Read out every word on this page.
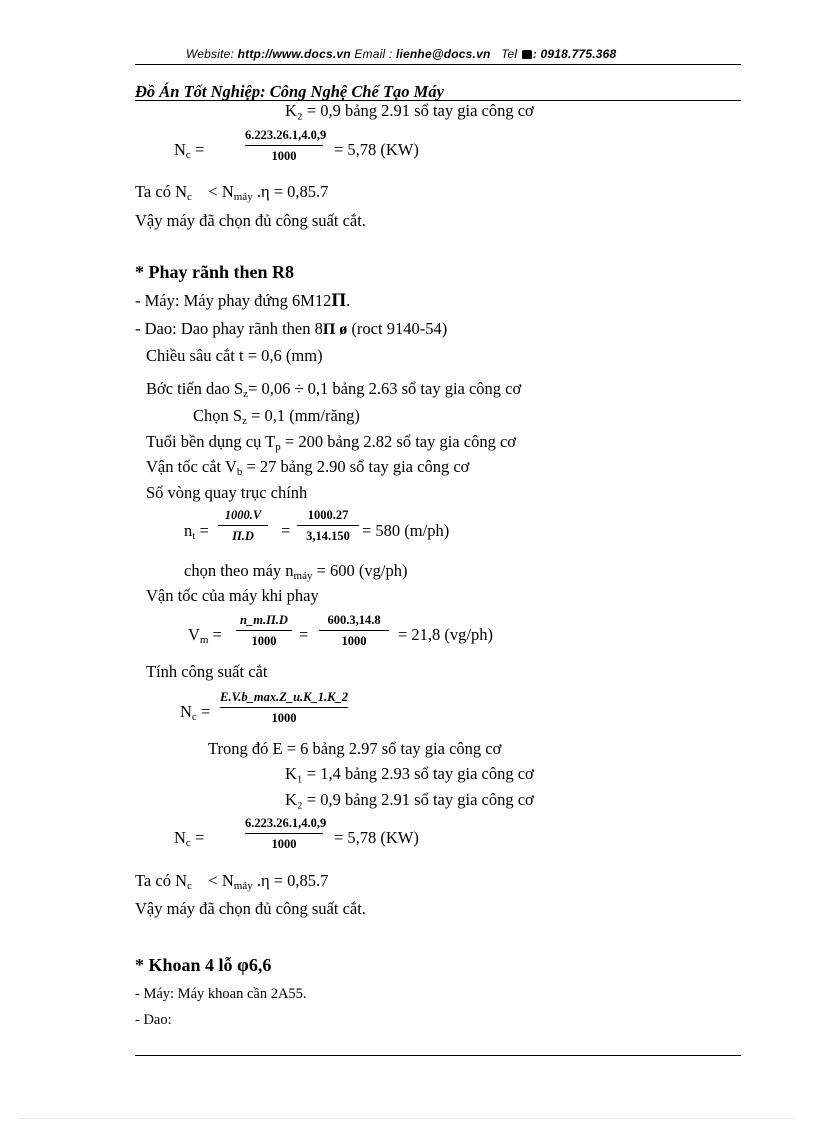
Website: http://www.docs.vn Email : lienhe@docs.vn Tel : 0918.775.368
Đồ Án Tốt Nghiệp: Công Nghệ Chế Tạo Máy
K₂ = 0,9 bảng 2.91 sổ tay gia công cơ
$N_c$ =
6.223.26.1,4.0,9
1000	= 5,78 (KW)
Ta có $N_c < N_{máy}$ .η = 0,85.7
Vậy máy đã chọn đủ công suất cắt.
* Phay rãnh then R8
- Máy: Máy phay đứng 6M12Π.
- Dao: Dao phay rãnh then 8Π ø (roct 9140-54)
Chiều sâu cắt t = 0,6 (mm)
Bớc tiến dao $S_z= 0,06 \div 0,1$ bảng 2.63 sổ tay gia công cơ
Chọn $S_z = 0,1$ (mm/răng)
Tuổi bền dụng cụ $T_p = 200$ bảng 2.82 sổ tay gia công cơ
Vận tốc cắt $V_b = 27$ bảng 2.90 sổ tay gia công cơ
Số vòng quay trục chính
$n_t$ =
1000.V
Π.D	=
1000.27
3,14.150 = 580 (m/ph)
chọn theo máy $n_{máy} = 600$ (vg/ph)
Vận tốc của máy khi phay
$V_m$ =
n_m.Π.D
1000	=
600.3,14.8
1000	= 21,8 (vg/ph)
Tính công suất cắt
$N_c$ =
E.V.b_max.Z_u.K_1.K_2
1000
Trong đó E = 6 bảng 2.97 sổ tay gia công cơ
K₁ = 1,4 bảng 2.93 sổ tay gia công cơ
K₂ = 0,9 bảng 2.91 sổ tay gia công cơ
$N_c$ =
6.223.26.1,4.0,9
1000	= 5,78 (KW)
Ta có $N_c < N_{máy}$ .η = 0,85.7
Vậy máy đã chọn đủ công suất cắt.
* Khoan 4 lỗ φ6,6
- Máy: Máy khoan cần 2A55.
- Dao:
